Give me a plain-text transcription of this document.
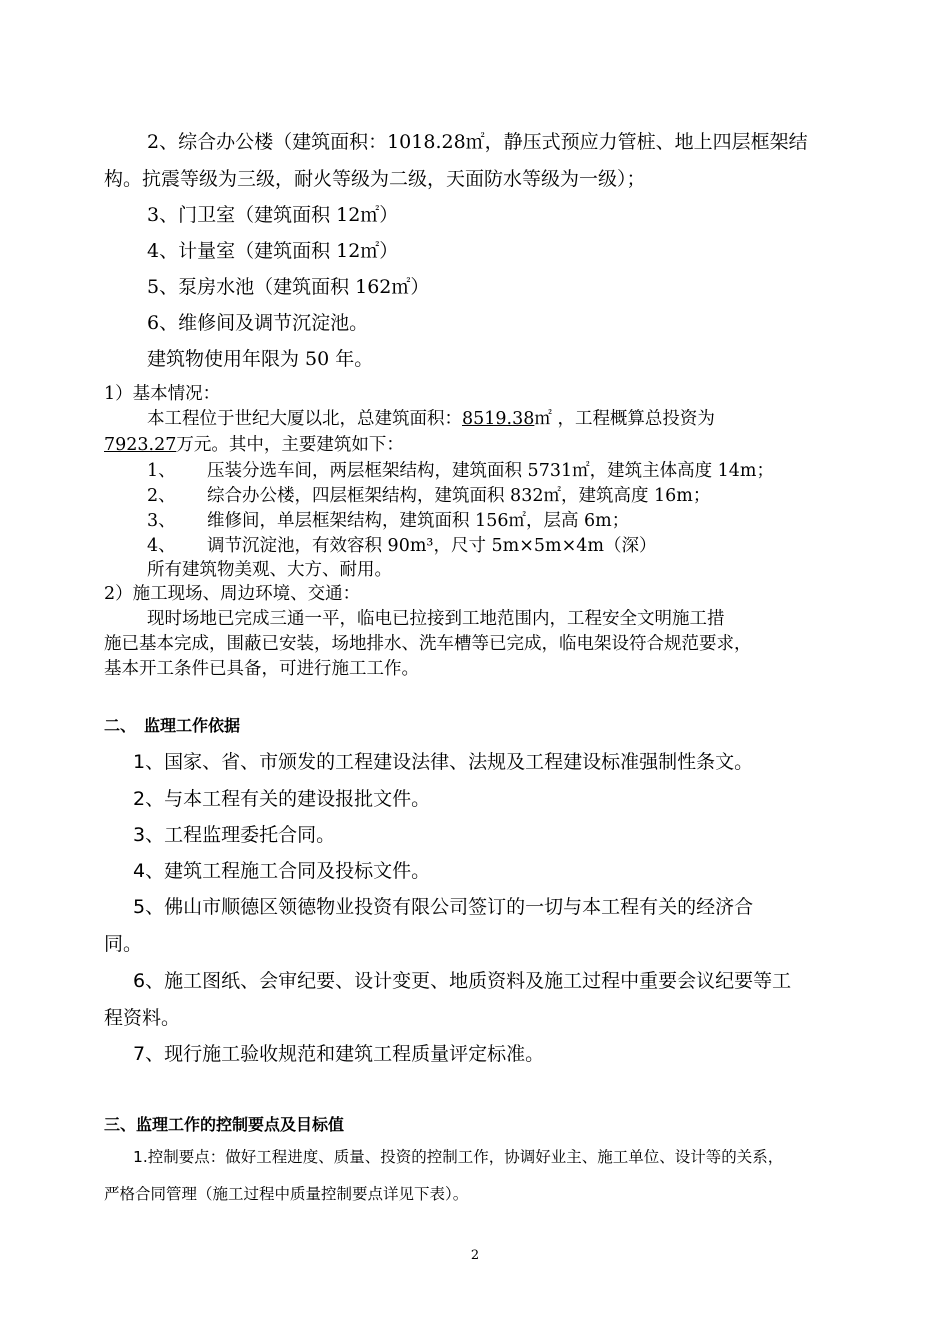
2、综合办公楼（建筑面积：1018.28㎡，静压式预应力管桩、地上四层框架结
构。抗震等级为三级，耐火等级为二级，天面防水等级为一级）；
3、门卫室（建筑面积 12㎡）
4、计量室（建筑面积 12㎡）
5、泵房水池（建筑面积 162㎡）
6、维修间及调节沉淀池。
建筑物使用年限为 50 年。
1）基本情况：
本工程位于世纪大厦以北，总建筑面积：8519.38㎡ ，工程概算总投资为
7923.27万元。其中，主要建筑如下：
1、 压装分选车间，两层框架结构，建筑面积 5731㎡，建筑主体高度 14m；
2、 综合办公楼，四层框架结构，建筑面积 832㎡，建筑高度 16m；
3、 维修间，单层框架结构，建筑面积 156㎡，层高 6m；
4、 调节沉淀池，有效容积 90m³，尺寸 5m×5m×4m（深）
所有建筑物美观、大方、耐用。
2）施工现场、周边环境、交通：
现时场地已完成三通一平，临电已拉接到工地范围内，工程安全文明施工措
施已基本完成，围蔽已安装，场地排水、洗车槽等已完成，临电架设符合规范要求，
基本开工条件已具备，可进行施工工作。
二、　监理工作依据
1、国家、省、市颁发的工程建设法律、法规及工程建设标准强制性条文。
2、与本工程有关的建设报批文件。
3、工程监理委托合同。
4、建筑工程施工合同及投标文件。
5、佛山市顺德区领德物业投资有限公司签订的一切与本工程有关的经济合
同。
6、施工图纸、会审纪要、设计变更、地质资料及施工过程中重要会议纪要等工
程资料。
7、现行施工验收规范和建筑工程质量评定标准。
三、监理工作的控制要点及目标值
1.控制要点：做好工程进度、质量、投资的控制工作，协调好业主、施工单位、设计等的关系，
严格合同管理（施工过程中质量控制要点详见下表）。
2
